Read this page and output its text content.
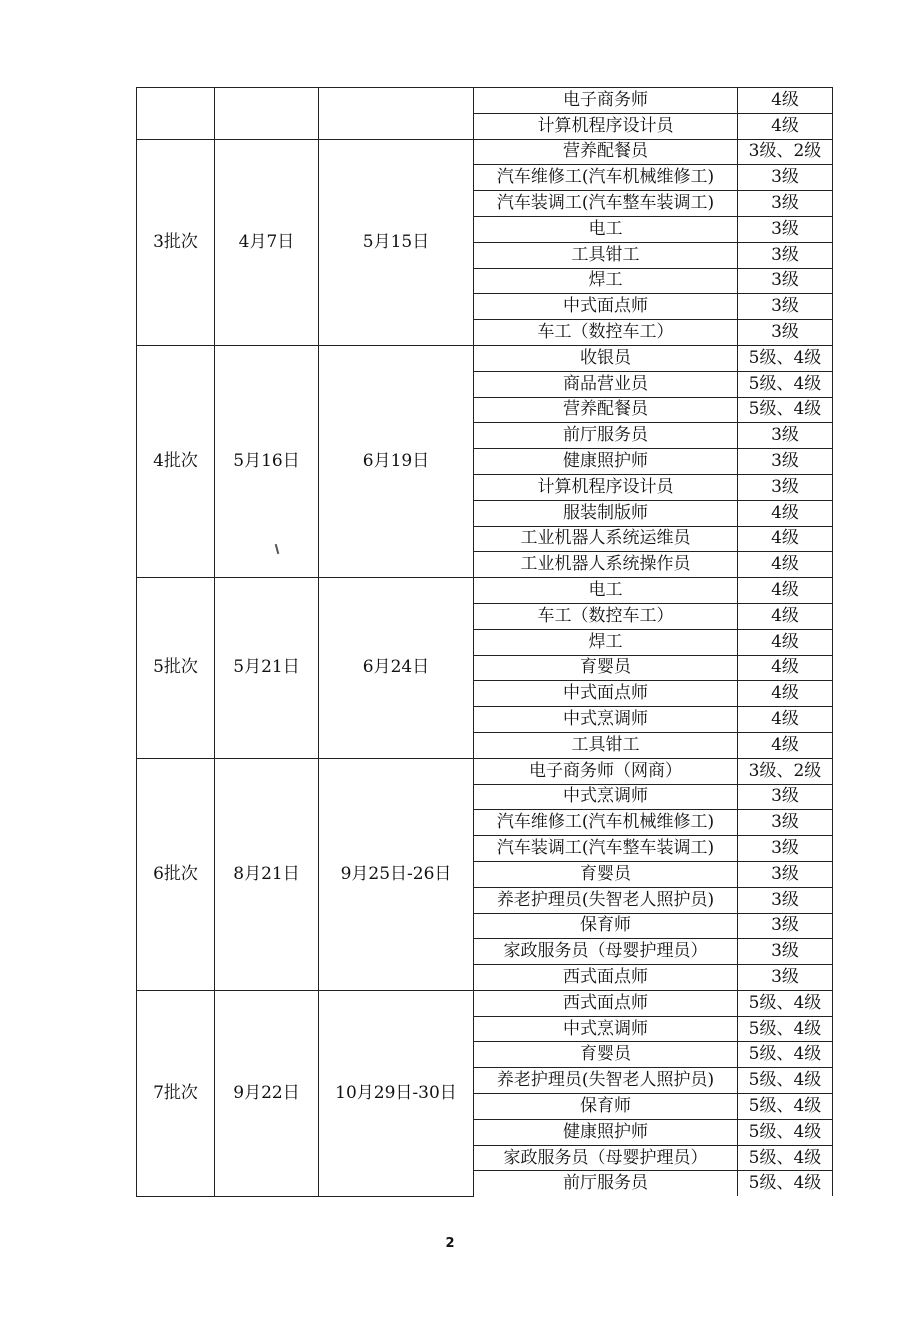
			电子商务师	4级
			计算机程序设计员	4级
3批次	4月7日	5月15日	营养配餐员	3级、2级
			汽车维修工(汽车机械维修工)	3级
			汽车装调工(汽车整车装调工)	3级
			电工	3级
			工具钳工	3级
			焊工	3级
			中式面点师	3级
			车工（数控车工）	3级
4批次	5月16日	6月19日	收银员	5级、4级
			商品营业员	5级、4级
			营养配餐员	5级、4级
			前厅服务员	3级
			健康照护师	3级
			计算机程序设计员	3级
			服装制版师	4级
			工业机器人系统运维员	4级
			工业机器人系统操作员	4级
5批次	5月21日	6月24日	电工	4级
			车工（数控车工）	4级
			焊工	4级
			育婴员	4级
			中式面点师	4级
			中式烹调师	4级
			工具钳工	4级
6批次	8月21日	9月25日-26日	电子商务师（网商）	3级、2级
			中式烹调师	3级
			汽车维修工(汽车机械维修工)	3级
			汽车装调工(汽车整车装调工)	3级
			育婴员	3级
			养老护理员(失智老人照护员)	3级
			保育师	3级
			家政服务员（母婴护理员）	3级
			西式面点师	3级
7批次	9月22日	10月29日-30日	西式面点师	5级、4级
			中式烹调师	5级、4级
			育婴员	5级、4级
			养老护理员(失智老人照护员)	5级、4级
			保育师	5级、4级
			健康照护师	5级、4级
			家政服务员（母婴护理员）	5级、4级
			前厅服务员	5级、4级
2
